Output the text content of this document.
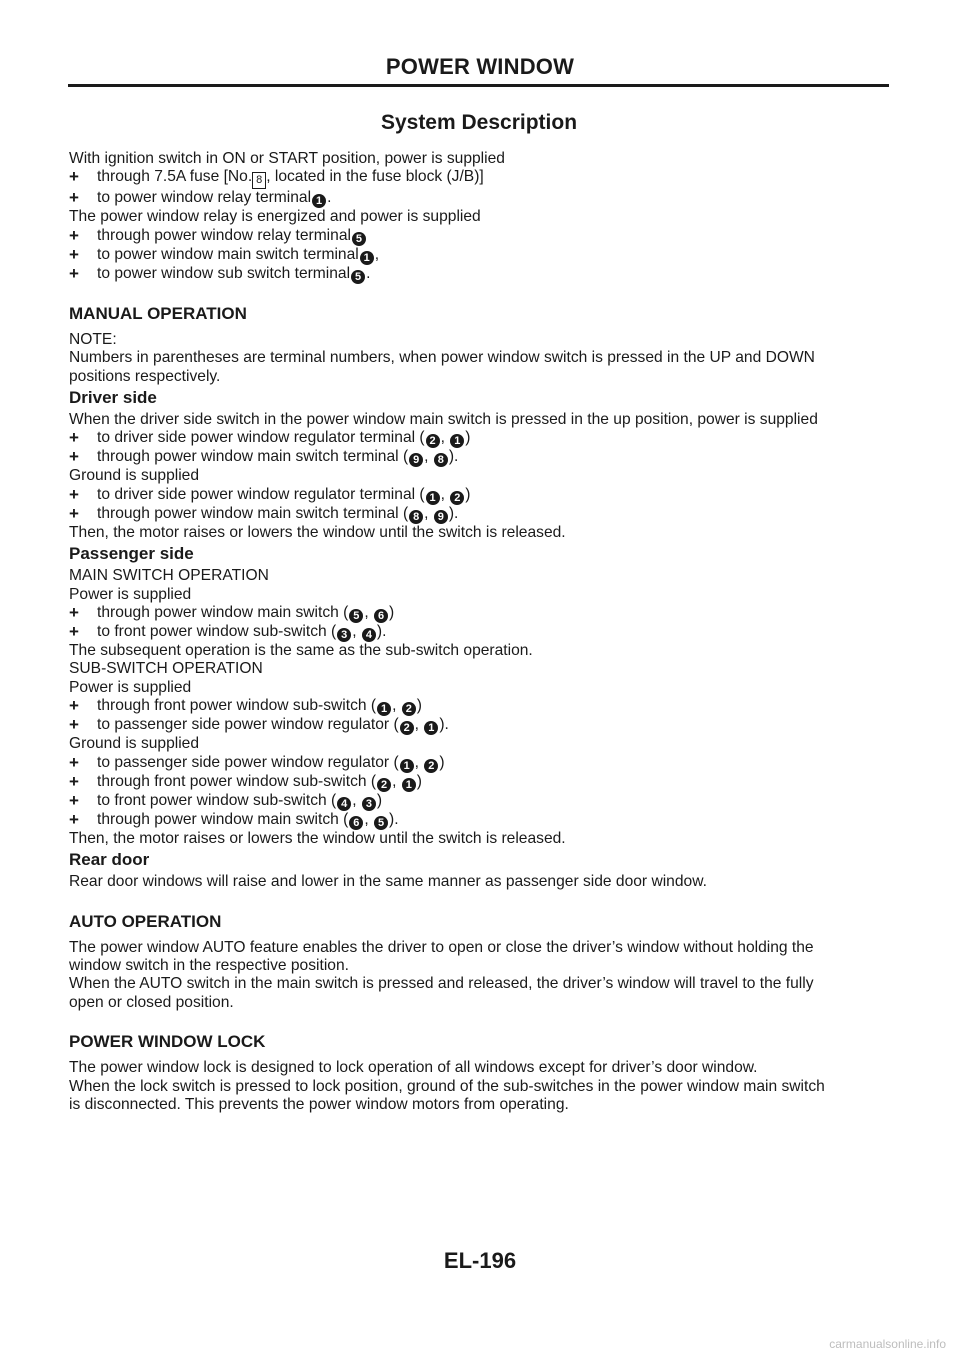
POWER WINDOW
System Description
With ignition switch in ON or START position, power is supplied
+	through 7.5A fuse [No. 8 , located in the fuse block (J/B)]
+	to power window relay terminal 1 .
The power window relay is energized and power is supplied
+	through power window relay terminal 5
+	to power window main switch terminal 1 ,
+	to power window sub switch terminal 5 .
MANUAL OPERATION
NOTE:
Numbers in parentheses are terminal numbers, when power window switch is pressed in the UP and DOWN
positions respectively.
Driver side
When the driver side switch in the power window main switch is pressed in the up position, power is supplied
+	to driver side power window regulator terminal ( 2 , 1 )
+	through power window main switch terminal ( 9 , 8 ).
Ground is supplied
+	to driver side power window regulator terminal ( 1 , 2 )
+	through power window main switch terminal ( 8 , 9 ).
Then, the motor raises or lowers the window until the switch is released.
Passenger side
MAIN SWITCH OPERATION
Power is supplied
+	through power window main switch ( 5 , 6 )
+	to front power window sub-switch ( 3 , 4 ).
The subsequent operation is the same as the sub-switch operation.
SUB-SWITCH OPERATION
Power is supplied
+	through front power window sub-switch ( 1 , 2 )
+	to passenger side power window regulator ( 2 , 1 ).
Ground is supplied
+	to passenger side power window regulator ( 1 , 2 )
+	through front power window sub-switch ( 2 , 1 )
+	to front power window sub-switch ( 4 , 3 )
+	through power window main switch ( 6 , 5 ).
Then, the motor raises or lowers the window until the switch is released.
Rear door
Rear door windows will raise and lower in the same manner as passenger side door window.
AUTO OPERATION
The power window AUTO feature enables the driver to open or close the driver’s window without holding the
window switch in the respective position.
When the AUTO switch in the main switch is pressed and released, the driver’s window will travel to the fully
open or closed position.
POWER WINDOW LOCK
The power window lock is designed to lock operation of all windows except for driver’s door window.
When the lock switch is pressed to lock position, ground of the sub-switches in the power window main switch
is disconnected. This prevents the power window motors from operating.
EL-196
carmanualsonline.info
